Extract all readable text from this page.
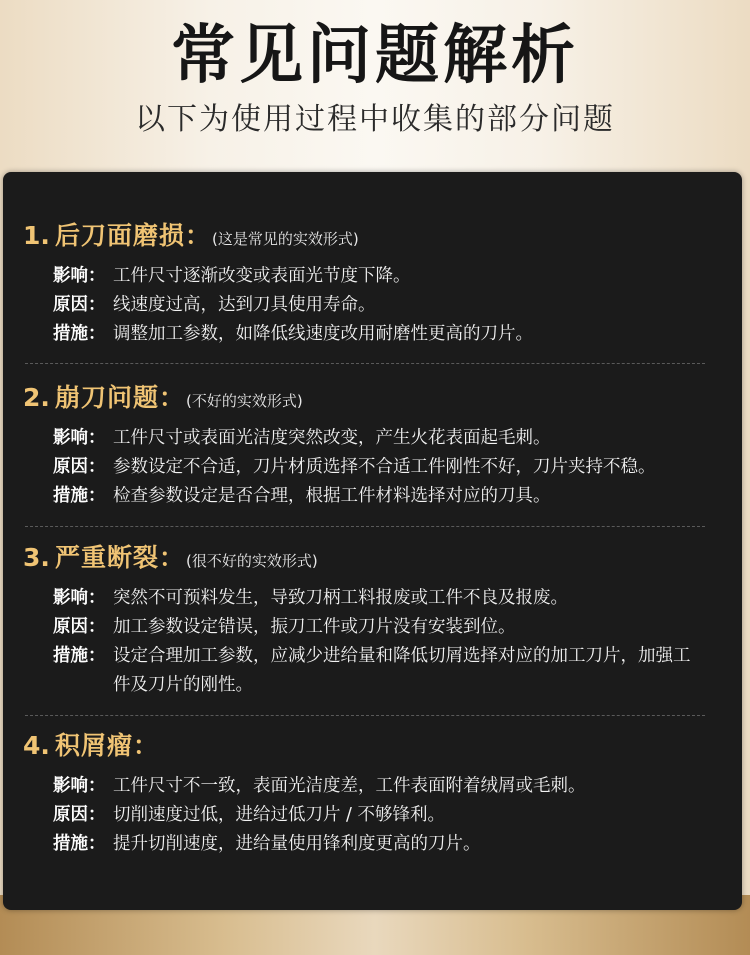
常见问题解析
以下为使用过程中收集的部分问题
1. 后刀面磨损： (这是常见的实效形式)
影响： 工件尺寸逐渐改变或表面光节度下降。
原因： 线速度过高，达到刀具使用寿命。
措施： 调整加工参数，如降低线速度改用耐磨性更高的刀片。
2. 崩刀问题： (不好的实效形式)
影响： 工件尺寸或表面光洁度突然改变，产生火花表面起毛刺。
原因： 参数设定不合适，刀片材质选择不合适工件刚性不好，刀片夹持不稳。
措施： 检查参数设定是否合理，根据工件材料选择对应的刀具。
3. 严重断裂： (很不好的实效形式)
影响： 突然不可预料发生，导致刀柄工料报废或工件不良及报废。
原因： 加工参数设定错误，振刀工件或刀片没有安装到位。
措施： 设定合理加工参数，应减少进给量和降低切屑选择对应的加工刀片，加强工件及刀片的刚性。
4. 积屑瘤：
影响： 工件尺寸不一致，表面光洁度差，工件表面附着绒屑或毛刺。
原因： 切削速度过低，进给过低刀片 / 不够锋利。
措施： 提升切削速度，进给量使用锋利度更高的刀片。
